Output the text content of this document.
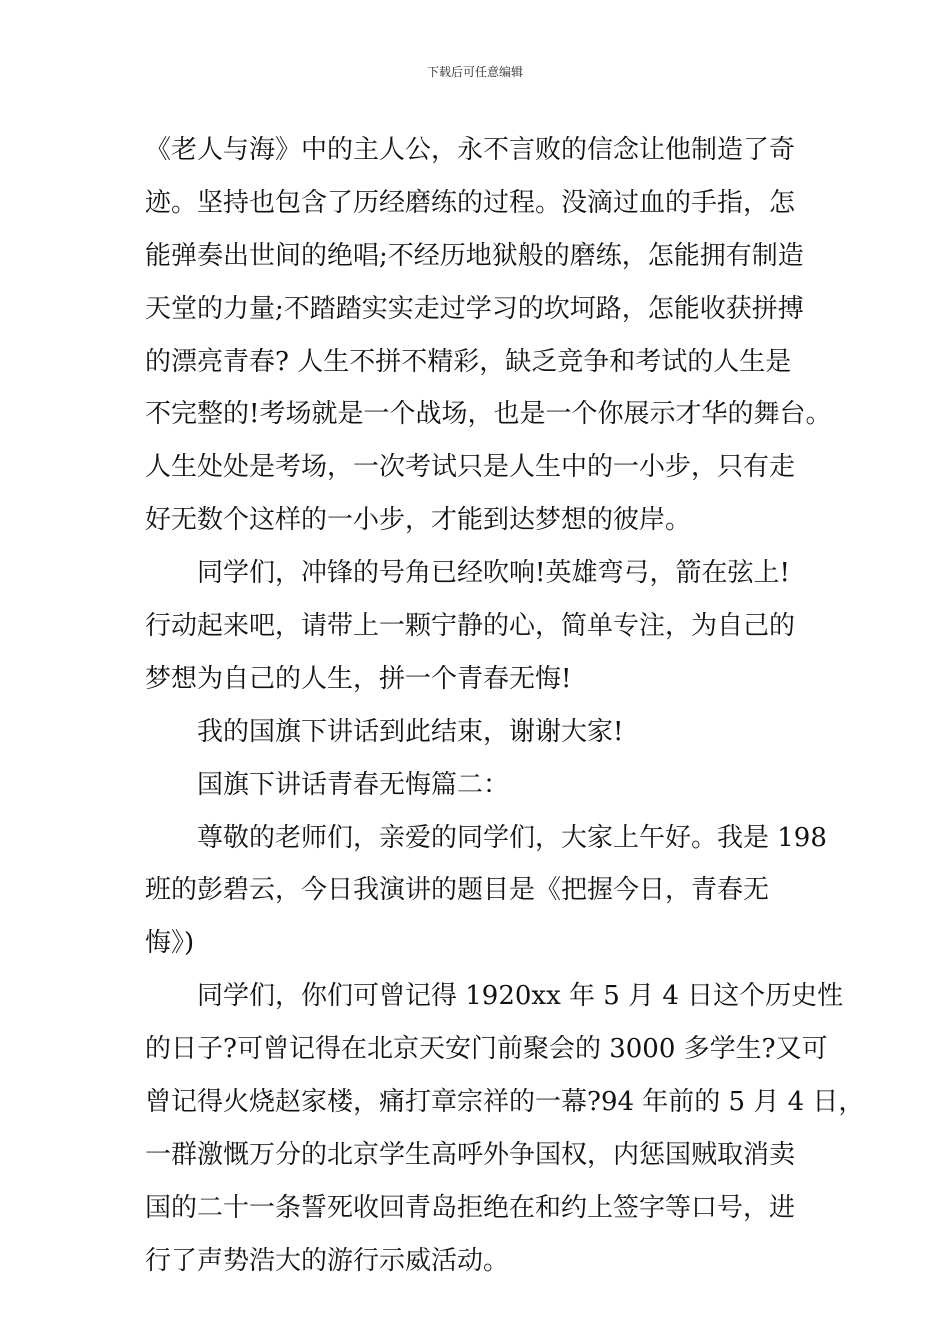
下载后可任意编辑
《老人与海》中的主人公，永不言败的信念让他制造了奇
迹。坚持也包含了历经磨练的过程。没滴过血的手指，怎
能弹奏出世间的绝唱;不经历地狱般的磨练，怎能拥有制造
天堂的力量;不踏踏实实走过学习的坎坷路，怎能收获拼搏
的漂亮青春? 人生不拼不精彩，缺乏竞争和考试的人生是
不完整的!考场就是一个战场，也是一个你展示才华的舞台。
人生处处是考场，一次考试只是人生中的一小步，只有走
好无数个这样的一小步，才能到达梦想的彼岸。
同学们，冲锋的号角已经吹响!英雄弯弓，箭在弦上!
行动起来吧，请带上一颗宁静的心，简单专注，为自己的
梦想为自己的人生，拼一个青春无悔!
我的国旗下讲话到此结束，谢谢大家!
国旗下讲话青春无悔篇二：
尊敬的老师们，亲爱的同学们，大家上午好。我是 198
班的彭碧云，今日我演讲的题目是《把握今日，青春无
悔》)
同学们，你们可曾记得 1920xx 年 5 月 4 日这个历史性
的日子?可曾记得在北京天安门前聚会的 3000 多学生?又可
曾记得火烧赵家楼，痛打章宗祥的一幕?94 年前的 5 月 4 日，
一群激慨万分的北京学生高呼外争国权，内惩国贼取消卖
国的二十一条誓死收回青岛拒绝在和约上签字等口号，进
行了声势浩大的游行示威活动。
